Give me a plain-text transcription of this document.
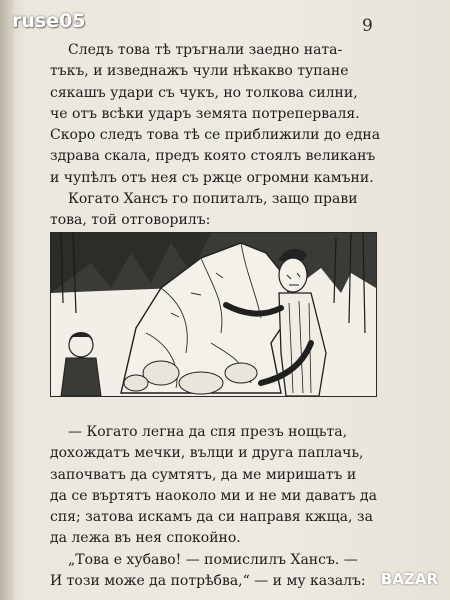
ruse05	9
Следъ това тѣ тръгнали заедно натa-
тъкъ, и изведнажъ чули нѣкакво тупане
сякашъ удари съ чукъ, но толкова силни,
че отъ всѣки ударъ земята потреперваля.
Скоро следъ това тѣ се приближили до една
здрава скала, предъ която стоялъ великанъ
и чупѣлъ отъ нея съ ржце огромни камъни.
Когато Хансъ го попиталъ, защо прави
това, той отговорилъ:
— Когато легна да спя презъ нощьта,
дохождатъ мечки, вълци и друга паплачь,
започватъ да сумтятъ, да ме миришатъ и
да се въртятъ наоколо ми и не ми даватъ да
спя; затова искамъ да си направя кжща, за
да лежа въ нея спокойно.
„Това е хубаво! — помислилъ Хансъ. —
И този може да потрѣбва,“ — и му казалъ:	BAZAR
